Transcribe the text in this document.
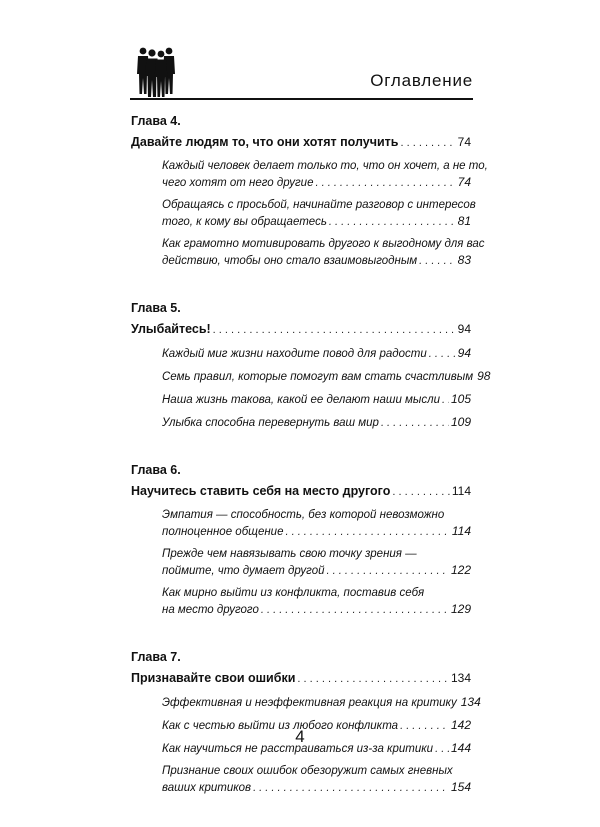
Оглавление
Глава 4.
Давайте людям то, что они хотят получить . . .	74
Каждый человек делает только то, что он хочет, а не то,
чего хотят от него другие . . .	74
Обращаясь с просьбой, начинайте разговор с интересов
того, к кому вы обращаетесь . . .	81
Как грамотно мотивировать другого к выгодному для вас
действию, чтобы оно стало взаимовыгодным . . .	83
Глава 5.
Улыбайтесь! . . .	94
Каждый миг жизни находите повод для радости . . .	94
Семь правил, которые помогут вам стать счастливым 98
Наша жизнь такова, какой ее делают наши мысли . . . 105
Улыбка способна перевернуть ваш мир . . .	109
Глава 6.
Научитесь ставить себя на место другого . . .	114
Эмпатия — способность, без которой невозможно
полноценное общение . . .	114
Прежде чем навязывать свою точку зрения —
поймите, что думает другой . . .	122
Как мирно выйти из конфликта, поставив себя
на место другого . . .	129
Глава 7.
Признавайте свои ошибки . . .	134
Эффективная и неэффективная реакция на критику 134
Как с честью выйти из любого конфликта . . .	142
Как научиться не расстраиваться из-за критики . . . 144
Признание своих ошибок обезоружит самых гневных
ваших критиков . . .	154
4
